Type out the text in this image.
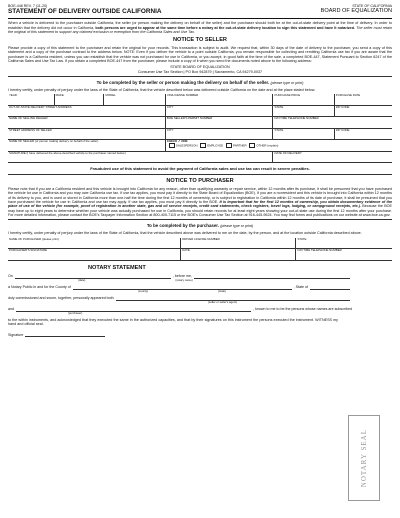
BOE-448 REV. 7 (11-20)	STATE OF CALIFORNIA
STATEMENT OF DELIVERY OUTSIDE CALIFORNIA	BOARD OF EQUALIZATION

When a vehicle is delivered to the purchaser outside California, the seller (or person making the delivery on behalf of the seller) and the purchaser should both be at the out-of-state delivery point at the time of delivery. In order to establish that the delivery did not occur in California, both persons are urged to appear at the same time before a notary at the out-of-state delivery location to sign this statement and have it notarized. The seller must retain the original of this statement to support any claimed exclusion or exemption from the California Sales and Use Tax.

NOTICE TO SELLER

Please provide a copy of this statement to the purchaser and retain the original for your records. This transaction is subject to audit. We request that, within 30 days of the date of delivery to the purchaser, you send a copy of this statement and a copy of the purchase contract to the address below. NOTE: Even if you deliver the vehicle to a point outside California, you remain responsible for collecting and remitting California use tax if you are aware that the purchaser is a California resident, unless you can establish that the vehicle was not purchased for use in California, or you accept, in good faith at the time of the sale, a completed BOE-447, Statement Pursuant to Section 6247 of the California Sales and Use Tax Law. If you obtain a completed BOE-447 from the purchaser, please include a copy of it when you send the documents noted above to the following address:

STATE BOARD OF EQUALIZATION
Consumer Use Tax Section | PO Box 942879 | Sacramento, CA 94279-0037
To be completed by the seller or person making the delivery on behalf of the seller. (please type or print)

I hereby certify, under penalty of perjury under the laws of the State of California, that the vehicle described below was delivered outside California on the date and at the place stated below.

YEAR	MAKE	MODEL	VIN/LICENSE NUMBER	PURCHASE PRICE	PURCHASE DATE
OUT-OF-STATE DELIVERY STREET ADDRESS			CITY	STATE	ZIP CODE
NAME OF SELLING DEALER			BOE SELLER'S PERMIT NUMBER	DAYTIME TELEPHONE NUMBER	
STREET ADDRESS OF SELLER			CITY	STATE	ZIP CODE
NAME OF SELLER (or person making delivery on behalf of the seller)			CHECK ✓ ONE
SALESPERSON EMPLOYEE PARTNER OTHER (explain)		
SIGNATURE (I have delivered the above-described vehicle to the purchaser named below.)				DATE OF DELIVERY	
Fraudulent use of this statement to avoid the payment of California sales and use tax can result in severe penalties.
NOTICE TO PURCHASER

Please note that if you are a California resident and this vehicle is brought into California for any reason, other than qualifying warranty or repair service, within 12 months after its purchase, it shall be presumed that you have purchased the vehicle for use in California and you may owe California use tax. If use tax applies, you must pay it directly to the State Board of Equalization (BOE). If you are a nonresident and this vehicle is brought into California within 12 months of its delivery to you, and is used or stored in California more than one-half the time during the first 12 months of ownership, or is subject to registration in California within 12 months of its date of purchase, it shall be presumed that you have purchased the vehicle for use in California and use tax may apply. If use tax applies, you must pay it directly to the BOE. It is important that for the first 12 months of ownership, you obtain documentary evidence of the place of use of the vehicle (for example, proof of registration in another state, gas and oil service receipts, credit card statements, check registers, travel logs, lodging, or campground receipts, etc.). Because the BOE may have up to eight years to determine whether your vehicle was actually purchased for use in California, you should retain records for at least eight years showing your out-of-state use during the first 12 months after your purchase. For more detailed information, please contact the BOE's Taxpayer Information Section at 800-400-7115 or the BOE's Consumer Use Tax Section at 916-445-9524. You may find forms and publications on our website at www.boe.ca.gov.

To be completed by the purchaser. (please type or print)

I hereby certify, under penalty of perjury under the laws of the State of California, that the vehicle described above was delivered to me on the date, by the person, and at the location outside California described above.

NAME OF PURCHASER (please print)	DRIVER LICENSE NUMBER	STATE
PURCHASER'S SIGNATURE	DATE	DAYTIME TELEPHONE NUMBER
NOTARY STATEMENT
On	, before me,
(date)	(notary name)
a Notary Public in and for the County of	, State of
(county)	(state)
duly commissioned and sworn, together, personally appeared both
(seller or seller's agent)
and	, known to me to be the persons whose names are subscribed
(purchaser)

to the within instruments, and acknowledged that they executed the same in the authorized capacities, and that by their signatures on this instrument the persons executed the instrument. WITNESS my hand and official seal.

Signature
NOTARY SEAL
